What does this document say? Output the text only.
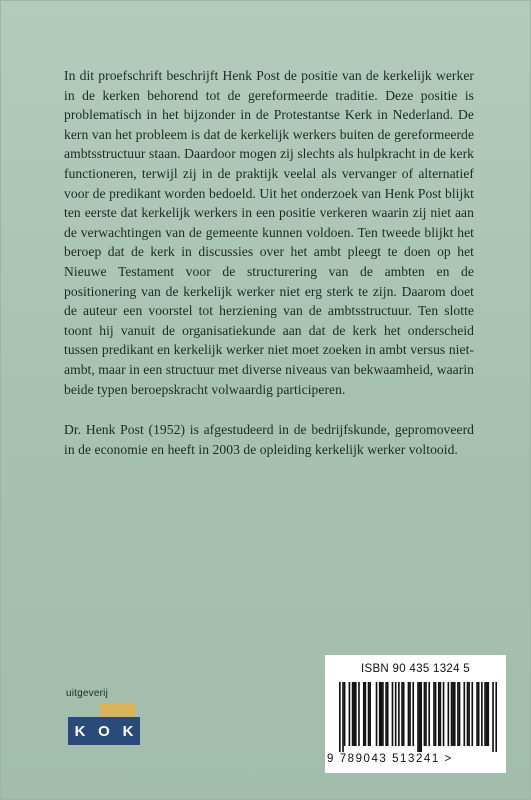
In dit proefschrift beschrijft Henk Post de positie van de kerkelijk werker in de kerken behorend tot de gereformeerde traditie. Deze positie is problematisch in het bijzonder in de Protestantse Kerk in Nederland. De kern van het probleem is dat de kerkelijk werkers buiten de gereformeerde ambtsstructuur staan. Daardoor mogen zij slechts als hulpkracht in de kerk functioneren, terwijl zij in de praktijk veelal als vervanger of alternatief voor de predikant worden bedoeld. Uit het onderzoek van Henk Post blijkt ten eerste dat kerkelijk werkers in een positie verkeren waarin zij niet aan de verwachtingen van de gemeente kunnen voldoen. Ten tweede blijkt het beroep dat de kerk in discussies over het ambt pleegt te doen op het Nieuwe Testament voor de structurering van de ambten en de positionering van de kerkelijk werker niet erg sterk te zijn. Daarom doet de auteur een voorstel tot herziening van de ambtsstructuur. Ten slotte toont hij vanuit de organisatiekunde aan dat de kerk het onderscheid tussen predikant en kerkelijk werker niet moet zoeken in ambt versus niet-ambt, maar in een structuur met diverse niveaus van bekwaamheid, waarin beide typen beroepskracht volwaardig participeren.

Dr. Henk Post (1952) is afgestudeerd in de bedrijfskunde, gepromoveerd in de economie en heeft in 2003 de opleiding kerkelijk werker voltooid.

uitgeverij
K O K
ISBN 90 435 1324 5
9 789043 513241 >
